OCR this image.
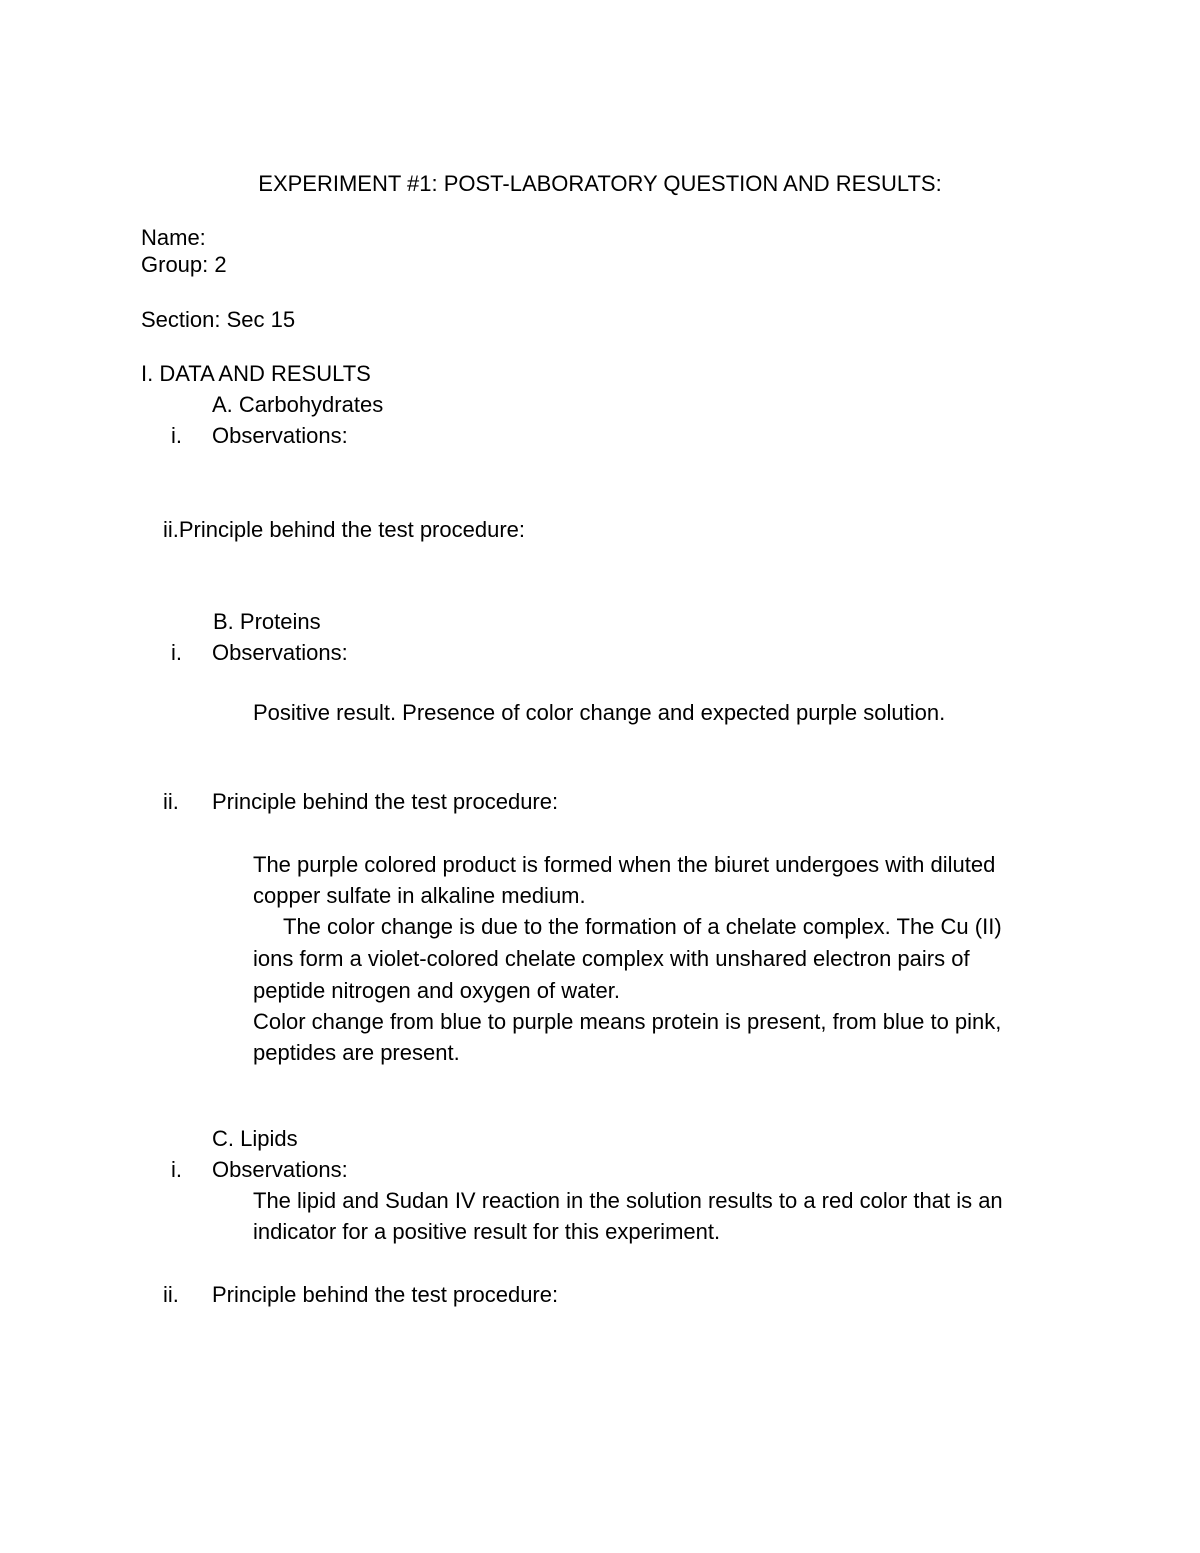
EXPERIMENT #1: POST-LABORATORY QUESTION AND RESULTS:
Name:
Group: 2
Section: Sec 15
I. DATA AND RESULTS
A. Carbohydrates
i. Observations:
ii.Principle behind the test procedure:
B. Proteins
i. Observations:
Positive result. Presence of color change and expected purple solution.
ii. Principle behind the test procedure:
The purple colored product is formed when the biuret undergoes with diluted
copper sulfate in alkaline medium.
The color change is due to the formation of a chelate complex. The Cu (II)
ions form a violet-colored chelate complex with unshared electron pairs of
peptide nitrogen and oxygen of water.
Color change from blue to purple means protein is present, from blue to pink,
peptides are present.
C. Lipids
i. Observations:
The lipid and Sudan IV reaction in the solution results to a red color that is an
indicator for a positive result for this experiment.
ii. Principle behind the test procedure:
